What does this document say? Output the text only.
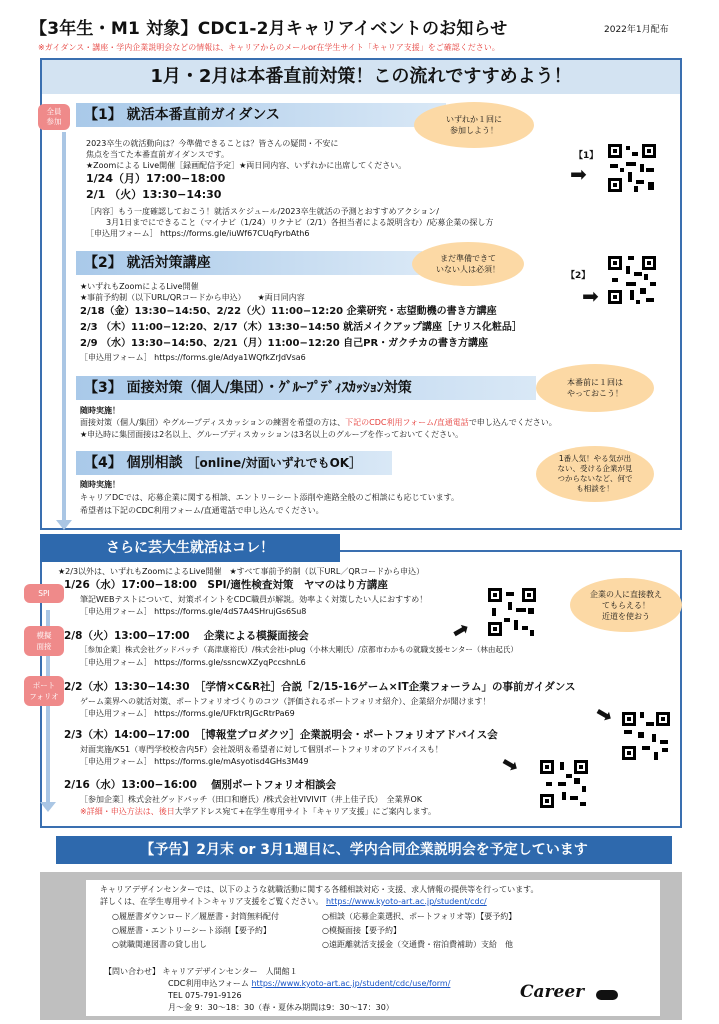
【3年生・M1 対象】CDC1-2月キャリアイベントのお知らせ	2022年1月配布
※ガイダンス・講座・学内企業説明会などの情報は、キャリアからのメールor在学生サイト「キャリア支援」をご確認ください。
1月・2月は本番直前対策！この流れですすめよう！
全員
参加	【1】 就活本番直前ガイダンス	いずれか１回に
参加しよう！
2023卒生の就活動向は？今準備できることは？皆さんの疑問・不安に
焦点を当てた本番直前ガイダンスです。
★Zoomによる Live開催［録画配信予定］★両日同内容、いずれかに出席してください。
1/24（月）17:00−18:00
2/1 （火）13:30−14:30
［内容］もう一度確認しておこう！就活スケジュール/2023卒生就活の予測とおすすめアクション/
3月1日までにできること（マイナビ（1/24）リクナビ（2/1）各担当者による説明含む）/応募企業の探し方
［申込用フォーム］ https://forms.gle/iuWf67CUqFyrbAth6
【1】
➡
【2】 就活対策講座	まだ準備できて
いない人は必須！
★いずれもZoomによるLive開催
★事前予約制（以下URL/QRコードから申込）　　★両日同内容
2/18（金）13:30−14:50、2/22（火）11:00−12:20 企業研究・志望動機の書き方講座
2/3 （木）11:00−12:20、2/17（木）13:30−14:50 就活メイクアップ講座［ナリス化粧品］
2/9 （水）13:30−14:50、2/21（月）11:00−12:20 自己PR・ガクチカの書き方講座
［申込用フォーム］ https://forms.gle/Adya1WQfkZrJdVsa6
【2】
➡
【3】 面接対策（個人/集団）・ｸﾞﾙｰﾌﾟﾃﾞｨｽｶｯｼｮﾝ対策	本番前に１回は
やっておこう！
随時実施！
面接対策（個人/集団）やグループディスカッションの練習を希望の方は、下記のCDC利用フォーム/直通電話で申し込んでください。
★申込時に集団面接は2名以上、グループディスカッションは3名以上のグループを作っておいてください。
【4】 個別相談 ［online/対面いずれでもOK］	1番人気！やる気が出
ない、受ける企業が見
つからないなど、何で
も相談を！
随時実施！
キャリアDCでは、応募企業に関する相談、エントリーシート添削や進路全般のご相談にも応じています。
希望者は下記のCDC利用フォーム/直通電話で申し込んでください。
さらに芸大生就活はコレ！
★2/3以外は、いずれもZoomによるLive開催　★すべて事前予約制（以下URL／QRコードから申込）
SPI
模擬
面接
ポート
フォリオ
企業の人に直接教え
てもらえる！
近道を使おう
1/26（水）17:00−18:00　SPI/適性検査対策　ヤマのはり方講座
筆記WEBテストについて、対策ポイントをCDC職員が解説。効率よく対策したい人におすすめ！
［申込用フォーム］ https://forms.gle/4dS7A4SHrujGs6Su8
2/8（火）13:00−17:00　 企業による模擬面接会
［参加企業］株式会社グッドパッチ（髙津康裕氏）/株式会社i-plug（小林大剛氏）/京都市わかもの就職支援センター（林由起氏）
［申込用フォーム］ https://forms.gle/ssncwXZyqPccshnL6
➡
2/2（水）13:30−14:30　［学情×C&R社］合説「2/15-16ゲーム×IT企業フォーラム」の事前ガイダンス
ゲーム業界への就活対策、ポートフォリオづくりのコツ（評価されるポートフォリオ紹介）、企業紹介が聞けます！
［申込用フォーム］ https://forms.gle/UFktrRJGcRtrPa69	➡
2/3（木）14:00−17:00　［博報堂プロダクツ］企業説明会・ポートフォリオアドバイス会
対面実施/K51（専門学校校舎内5F）会社説明＆希望者に対して個別ポートフォリオのアドバイスも！
［申込用フォーム］ https://forms.gle/mAsyotisd4GHs3M49	➡
2/16（水）13:00−16:00　 個別ポートフォリオ相談会
［参加企業］株式会社グッドパッチ（田口和磨氏）/株式会社VIVIVIT（井上佳子氏）　全業界OK
※詳細・申込方法は、後日大学アドレス宛て+在学生専用サイト「キャリア支援」にご案内します。
【予告】2月末 or 3月1週目に、学内合同企業説明会を予定しています
キャリアデザインセンターでは、以下のような就職活動に関する各種相談対応・支援、求人情報の提供等を行っています。
詳しくは、在学生専用サイト＞キャリア支援をご覧ください。 https://www.kyoto-art.ac.jp/student/cdc/
○履歴書ダウンロード／履歴書・封筒無料配付	○相談（応募企業選択、ポートフォリオ等）【要予約】
○履歴書・エントリーシート添削【要予約】	○模擬面接【要予約】
○就職関連図書の貸し出し	○遠距離就活支援金（交通費・宿泊費補助）支給　他
【問い合わせ】 キャリアデザインセンター　人間館１
CDC利用申込フォーム https://www.kyoto-art.ac.jp/student/cdc/use/form/
TEL 075-791-9126
月〜金 9：30〜18：30（春・夏休み期間は9：30〜17：30）
Career
